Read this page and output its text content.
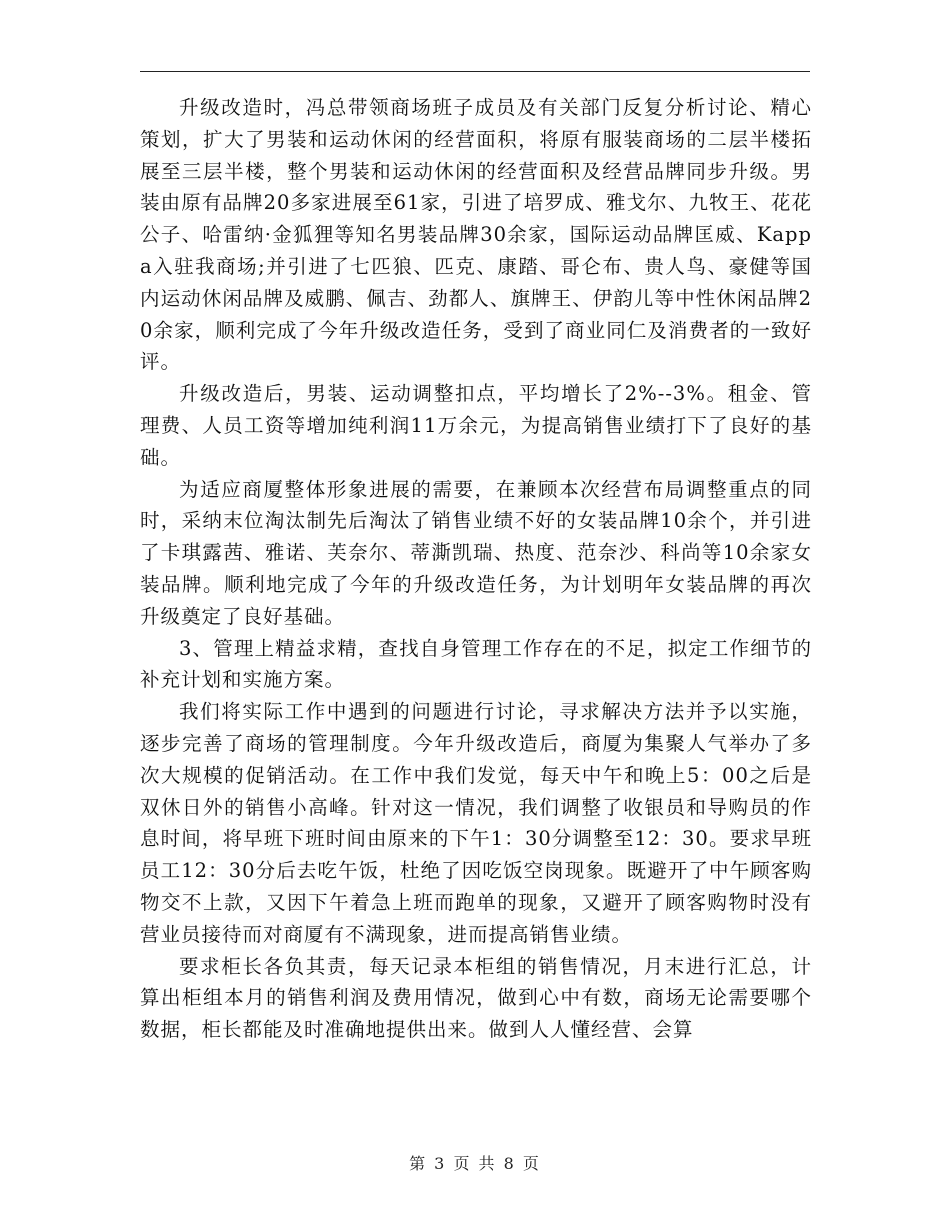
升级改造时，冯总带领商场班子成员及有关部门反复分析讨论、精心策划，扩大了男装和运动休闲的经营面积，将原有服装商场的二层半楼拓展至三层半楼，整个男装和运动休闲的经营面积及经营品牌同步升级。男装由原有品牌20多家进展至61家，引进了培罗成、雅戈尔、九牧王、花花公子、哈雷纳·金狐狸等知名男装品牌30余家，国际运动品牌匡威、Kappa入驻我商场;并引进了七匹狼、匹克、康踏、哥仑布、贵人鸟、豪健等国内运动休闲品牌及威鹏、佩吉、劲都人、旗牌王、伊韵儿等中性休闲品牌20余家，顺利完成了今年升级改造任务，受到了商业同仁及消费者的一致好评。

升级改造后，男装、运动调整扣点，平均增长了2%--3%。租金、管理费、人员工资等增加纯利润11万余元，为提高销售业绩打下了良好的基础。

为适应商厦整体形象进展的需要，在兼顾本次经营布局调整重点的同时，采纳末位淘汰制先后淘汰了销售业绩不好的女装品牌10余个，并引进了卡琪露茜、雅诺、芙奈尔、蒂澌凯瑞、热度、范奈沙、科尚等10余家女装品牌。顺利地完成了今年的升级改造任务，为计划明年女装品牌的再次升级奠定了良好基础。

3、管理上精益求精，查找自身管理工作存在的不足，拟定工作细节的补充计划和实施方案。

我们将实际工作中遇到的问题进行讨论，寻求解决方法并予以实施，逐步完善了商场的管理制度。今年升级改造后，商厦为集聚人气举办了多次大规模的促销活动。在工作中我们发觉，每天中午和晚上5：00之后是双休日外的销售小高峰。针对这一情况，我们调整了收银员和导购员的作息时间，将早班下班时间由原来的下午1：30分调整至12：30。要求早班员工12：30分后去吃午饭，杜绝了因吃饭空岗现象。既避开了中午顾客购物交不上款，又因下午着急上班而跑单的现象，又避开了顾客购物时没有营业员接待而对商厦有不满现象，进而提高销售业绩。

要求柜长各负其责，每天记录本柜组的销售情况，月末进行汇总，计算出柜组本月的销售利润及费用情况，做到心中有数，商场无论需要哪个数据，柜长都能及时准确地提供出来。做到人人懂经营、会算

第 3 页 共 8 页
